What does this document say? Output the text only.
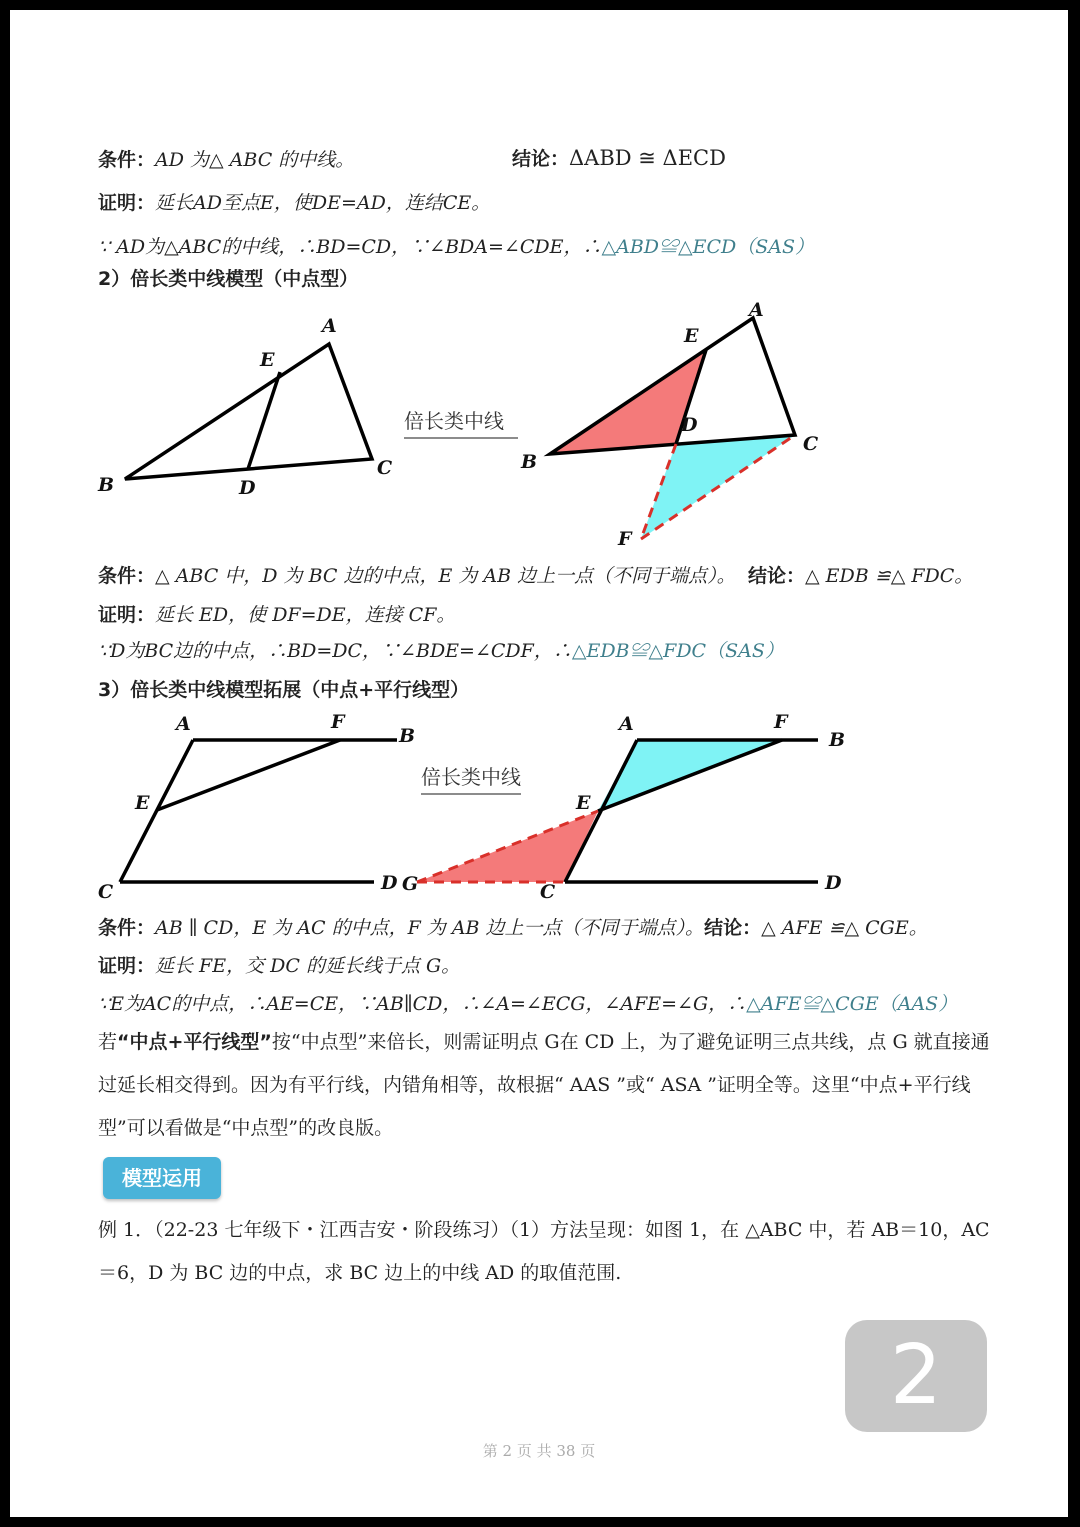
条件：AD 为△ ABC 的中线。	结论：ΔABD ≅ ΔECD
证明：延长AD至点E，使DE=AD，连结CE。
∵ AD为△ABC的中线，∴BD=CD，∵∠BDA=∠CDE，∴△ABD≌△ECD（SAS）
2）倍长类中线模型（中点型）
A
E
B	D
C
倍长类中线
A
E
D
B
C
F
条件：△ ABC 中，D 为 BC 边的中点，E 为 AB 边上一点（不同于端点）。 结论：△ EDB ≌△ FDC。
证明：延长 ED，使 DF=DE，连接 CF。
∵D为BC边的中点，∴BD=DC，∵∠BDE=∠CDF，∴△EDB≌△FDC（SAS）
3）倍长类中线模型拓展（中点+平行线型）
A	F
B
E
C	D
倍长类中线
A	F
B
E
G	C	D
条件：AB ∥ CD，E 为 AC 的中点，F 为 AB 边上一点（不同于端点）。结论：△ AFE ≌△ CGE。
证明：延长 FE，交 DC 的延长线于点 G。
∵E为AC的中点，∴AE=CE，∵AB∥CD，∴∠A=∠ECG，∠AFE=∠G，∴△AFE≌△CGE（AAS）
若“中点+平行线型”按“中点型”来倍长，则需证明点 G在 CD 上，为了避免证明三点共线，点 G 就直接通过延长相交得到。因为有平行线，内错角相等，故根据“ AAS ”或“ ASA ”证明全等。这里“中点+平行线型”可以看做是“中点型”的改良版。
模型运用
例 1．（22-23 七年级下・江西吉安・阶段练习）（1）方法呈现：如图 1，在 △ABC 中，若 AB＝10，AC＝6，D 为 BC 边的中点，求 BC 边上的中线 AD 的取值范围.
2
第 2 页 共 38 页
